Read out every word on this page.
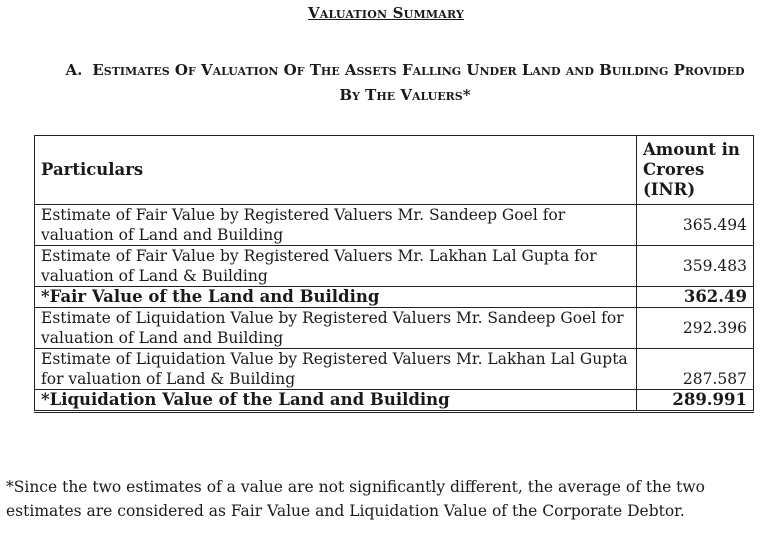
Valuation Summary
A. Estimates Of Valuation Of The Assets Falling Under Land and Building Provided By The Valuers*
Particulars	Amount in Crores (INR)
Estimate of Fair Value by Registered Valuers Mr. Sandeep Goel for valuation of Land and Building	365.494
Estimate of Fair Value by Registered Valuers Mr. Lakhan Lal Gupta for valuation of Land & Building	359.483
*Fair Value of the Land and Building	362.49
Estimate of Liquidation Value by Registered Valuers Mr. Sandeep Goel for valuation of Land and Building	292.396
Estimate of Liquidation Value by Registered Valuers Mr. Lakhan Lal Gupta for valuation of Land & Building	287.587
*Liquidation Value of the Land and Building	289.991
*Since the two estimates of a value are not significantly different, the average of the two estimates are considered as Fair Value and Liquidation Value of the Corporate Debtor.
